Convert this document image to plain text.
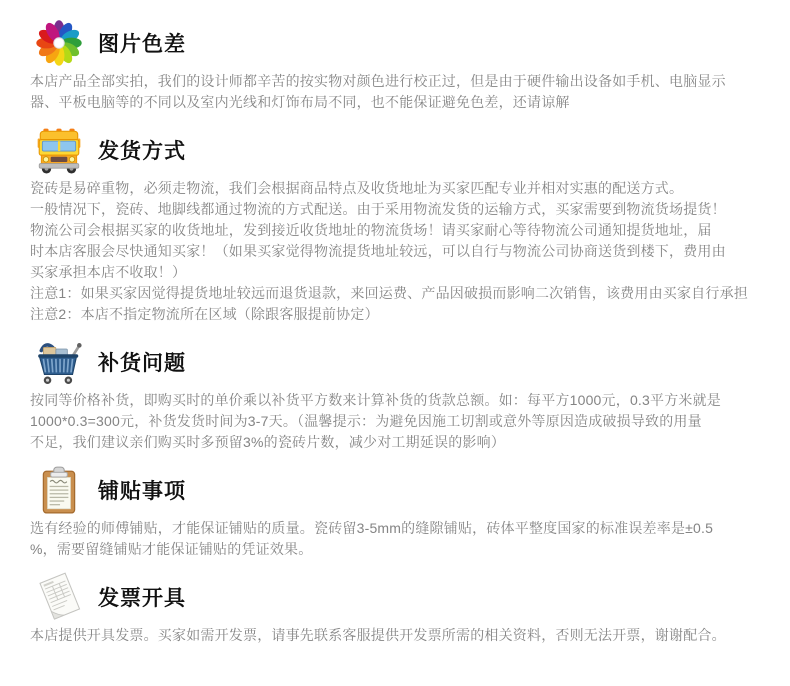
图片色差
本店产品全部实拍，我们的设计师都辛苦的按实物对颜色进行校正过，但是由于硬件输出设备如手机、电脑显示
器、平板电脑等的不同以及室内光线和灯饰布局不同，也不能保证避免色差，还请谅解
发货方式
瓷砖是易碎重物，必须走物流，我们会根据商品特点及收货地址为买家匹配专业并相对实惠的配送方式。
一般情况下，瓷砖、地脚线都通过物流的方式配送。由于采用物流发货的运输方式，买家需要到物流货场提货！
物流公司会根据买家的收货地址，发到接近收货地址的物流货场！请买家耐心等待物流公司通知提货地址，届
时本店客服会尽快通知买家！（如果买家觉得物流提货地址较远，可以自行与物流公司协商送货到楼下，费用由
买家承担本店不收取！）
注意1：如果买家因觉得提货地址较远而退货退款，来回运费、产品因破损而影响二次销售，该费用由买家自行承担
注意2：本店不指定物流所在区域（除跟客服提前协定）
补货问题
按同等价格补货，即购买时的单价乘以补货平方数来计算补货的货款总额。如：每平方1000元，0.3平方米就是
1000*0.3=300元，补货发货时间为3-7天。（温馨提示：为避免因施工切割或意外等原因造成破损导致的用量
不足，我们建议亲们购买时多预留3%的瓷砖片数，减少对工期延误的影响）
铺贴事项
选有经验的师傅铺贴，才能保证铺贴的质量。瓷砖留3-5mm的缝隙铺贴，砖体平整度国家的标准误差率是±0.5
%，需要留缝铺贴才能保证铺贴的凭证效果。
发票开具
本店提供开具发票。买家如需开发票，请事先联系客服提供开发票所需的相关资料，否则无法开票，谢谢配合。
